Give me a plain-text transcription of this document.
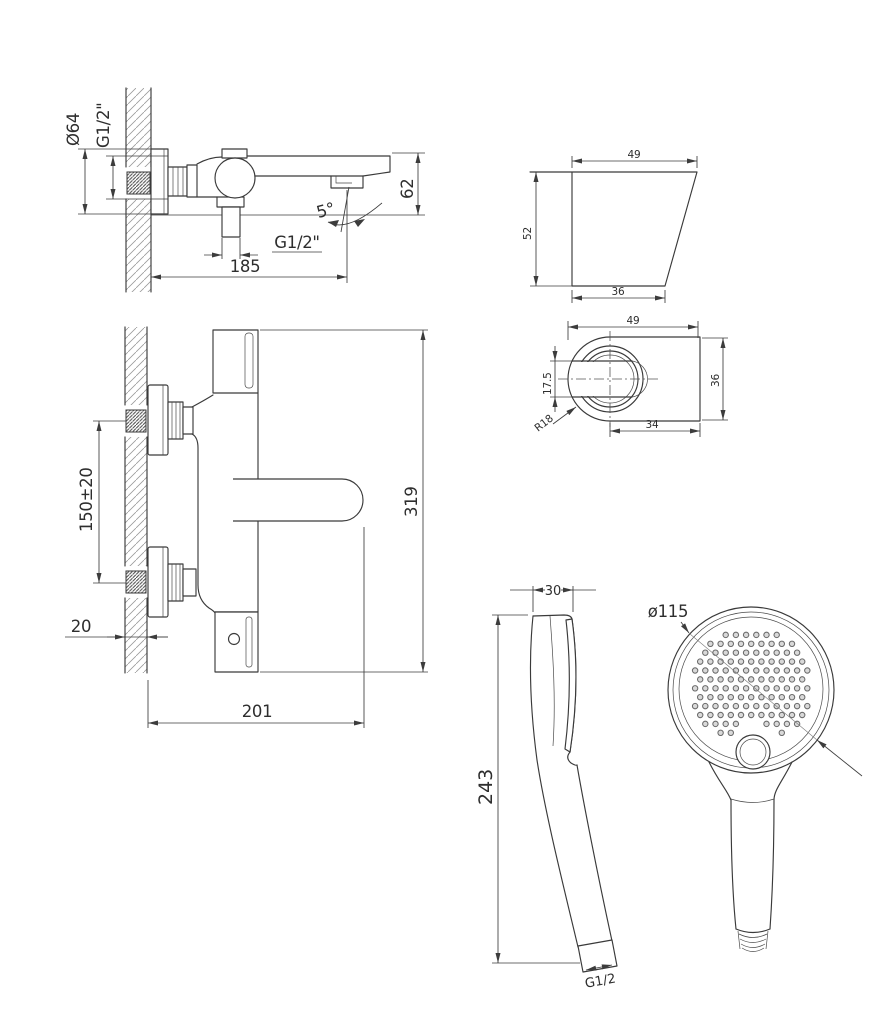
Ø64 G1/2"
62
5°
G1/2"
185
150±20
20
201
319
49
52
36
49
36
34
17.5
R18
30
243
G1/2
ø115
